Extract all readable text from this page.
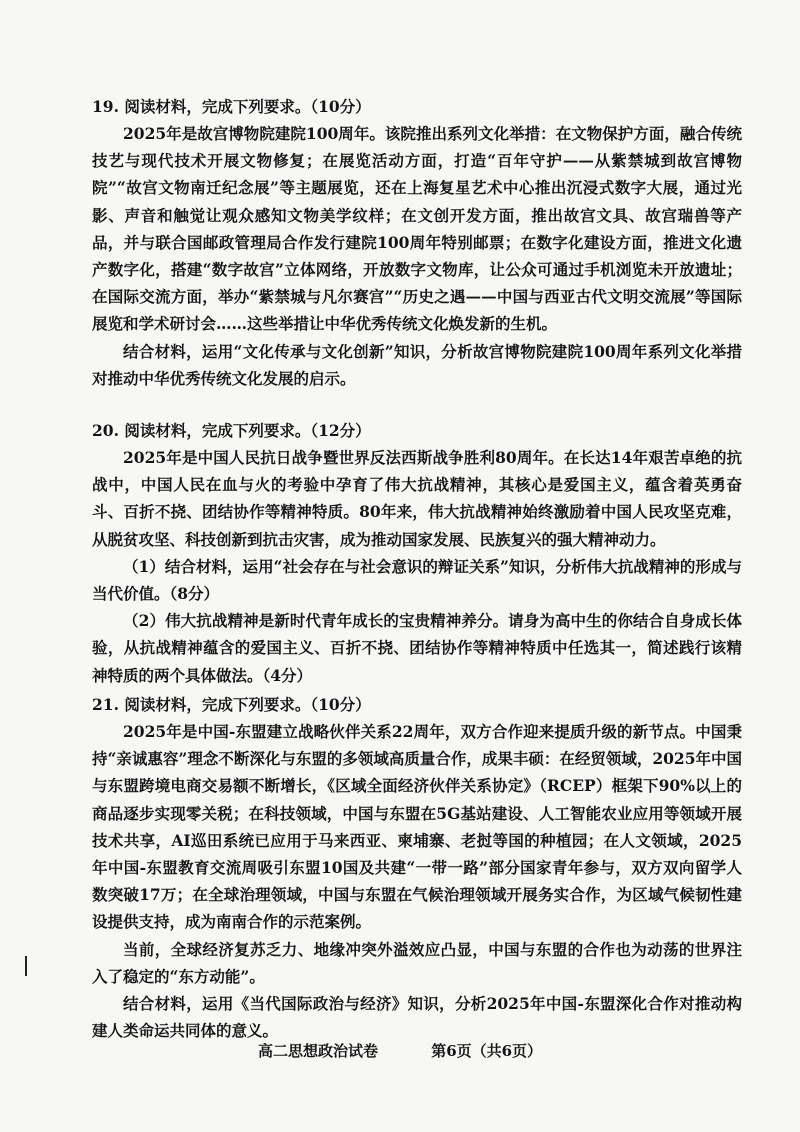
19. 阅读材料，完成下列要求。（10分）

2025年是故宫博物院建院100周年。该院推出系列文化举措：在文物保护方面，融合传统技艺与现代技术开展文物修复；在展览活动方面，打造“百年守护——从紫禁城到故宫博物院”“故宫文物南迁纪念展”等主题展览，还在上海复星艺术中心推出沉浸式数字大展，通过光影、声音和触觉让观众感知文物美学纹样；在文创开发方面，推出故宫文具、故宫瑞兽等产品，并与联合国邮政管理局合作发行建院100周年特别邮票；在数字化建设方面，推进文化遗产数字化，搭建“数字故宫”立体网络，开放数字文物库，让公众可通过手机浏览未开放遗址；在国际交流方面，举办“紫禁城与凡尔赛宫”“历史之遇——中国与西亚古代文明交流展”等国际展览和学术研讨会……这些举措让中华优秀传统文化焕发新的生机。

结合材料，运用“文化传承与文化创新”知识，分析故宫博物院建院100周年系列文化举措对推动中华优秀传统文化发展的启示。

20. 阅读材料，完成下列要求。（12分）

2025年是中国人民抗日战争暨世界反法西斯战争胜利80周年。在长达14年艰苦卓绝的抗战中，中国人民在血与火的考验中孕育了伟大抗战精神，其核心是爱国主义，蕴含着英勇奋斗、百折不挠、团结协作等精神特质。80年来，伟大抗战精神始终激励着中国人民攻坚克难，从脱贫攻坚、科技创新到抗击灾害，成为推动国家发展、民族复兴的强大精神动力。

（1）结合材料，运用“社会存在与社会意识的辩证关系”知识，分析伟大抗战精神的形成与当代价值。（8分）

（2）伟大抗战精神是新时代青年成长的宝贵精神养分。请身为高中生的你结合自身成长体验，从抗战精神蕴含的爱国主义、百折不挠、团结协作等精神特质中任选其一，简述践行该精神特质的两个具体做法。（4分）

21. 阅读材料，完成下列要求。（10分）

2025年是中国-东盟建立战略伙伴关系22周年，双方合作迎来提质升级的新节点。中国秉持“亲诚惠容”理念不断深化与东盟的多领域高质量合作，成果丰硕：在经贸领域，2025年中国与东盟跨境电商交易额不断增长，《区域全面经济伙伴关系协定》（RCEP）框架下90%以上的商品逐步实现零关税；在科技领域，中国与东盟在5G基站建设、人工智能农业应用等领域开展技术共享，AI巡田系统已应用于马来西亚、柬埔寨、老挝等国的种植园；在人文领域，2025年中国-东盟教育交流周吸引东盟10国及共建“一带一路”部分国家青年参与，双方双向留学人数突破17万；在全球治理领域，中国与东盟在气候治理领域开展务实合作，为区域气候韧性建设提供支持，成为南南合作的示范案例。

当前，全球经济复苏乏力、地缘冲突外溢效应凸显，中国与东盟的合作也为动荡的世界注入了稳定的“东方动能”。

结合材料，运用《当代国际政治与经济》知识，分析2025年中国-东盟深化合作对推动构建人类命运共同体的意义。

高二思想政治试卷	第6页（共6页）
